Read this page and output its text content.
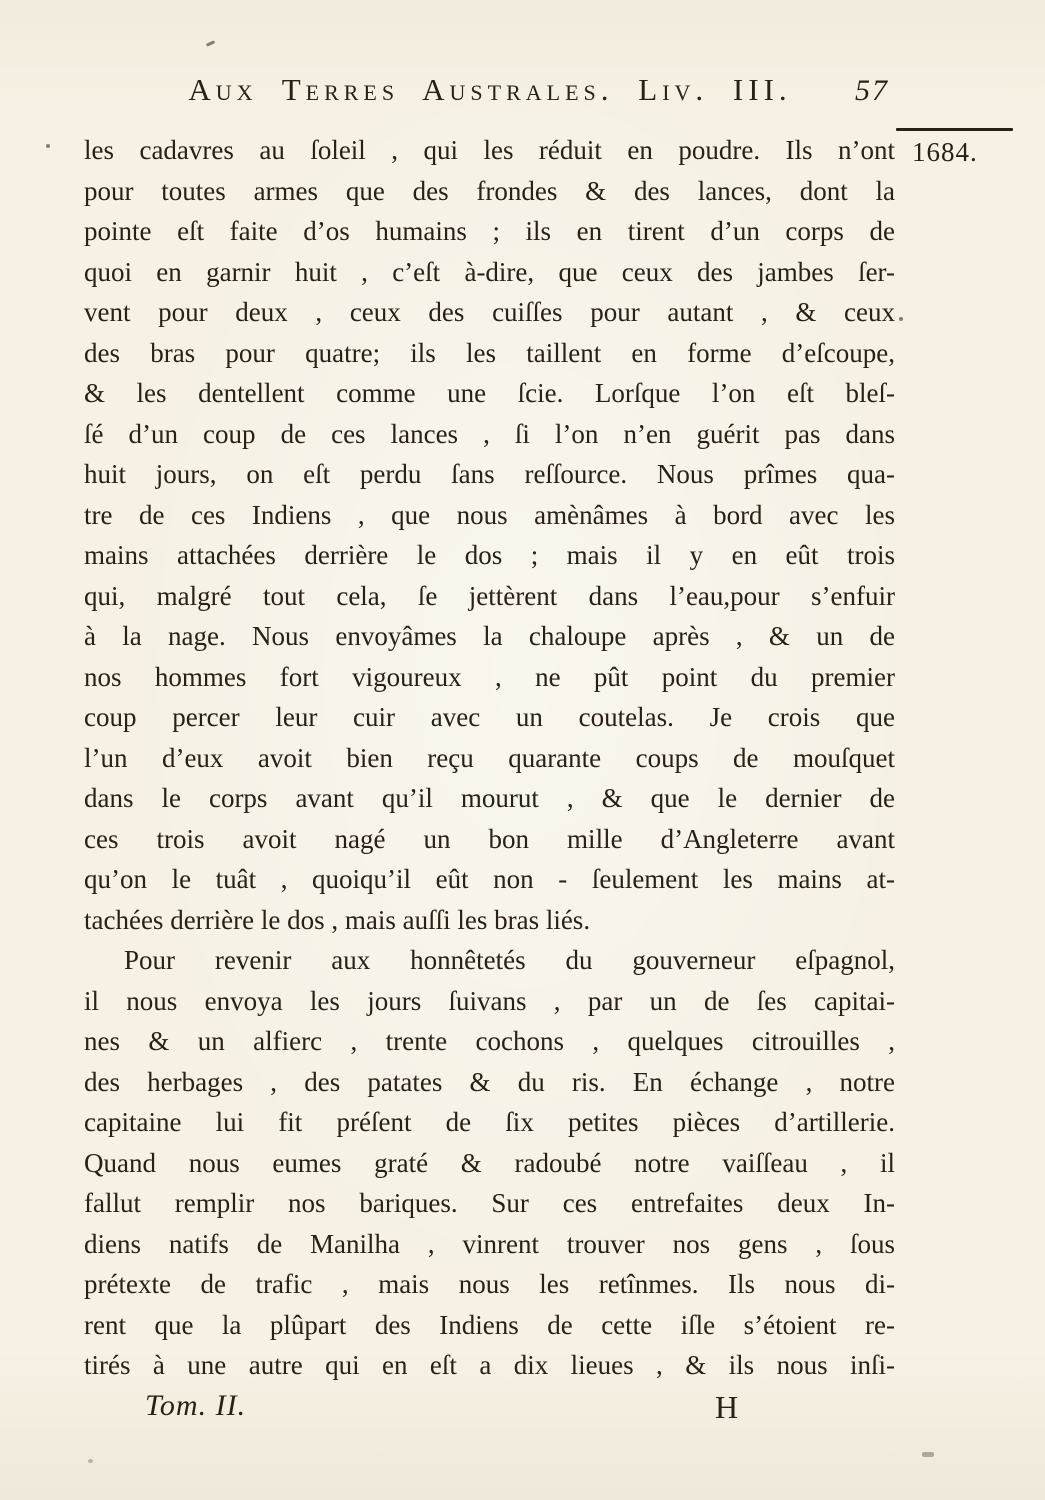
Aux Terres Australes. Liv. III. 57
1684.
les cadavres au ſoleil , qui les réduit en poudre. Ils n’ont
pour toutes armes que des frondes & des lances, dont la
pointe eſt faite d’os humains ; ils en tirent d’un corps de
quoi en garnir huit , c’eſt à-dire, que ceux des jambes ſer-
vent pour deux , ceux des cuiſſes pour autant , & ceux
des bras pour quatre; ils les taillent en forme d’eſcoupe,
& les dentellent comme une ſcie. Lorſque l’on eſt bleſ-
ſé d’un coup de ces lances , ſi l’on n’en guérit pas dans
huit jours, on eſt perdu ſans reſſource. Nous prîmes qua-
tre de ces Indiens , que nous amènâmes à bord avec les
mains attachées derrière le dos ; mais il y en eût trois
qui, malgré tout cela, ſe jettèrent dans l’eau,pour s’enfuir
à la nage. Nous envoyâmes la chaloupe après , & un de
nos hommes fort vigoureux , ne pût point du premier
coup percer leur cuir avec un coutelas. Je crois que
l’un d’eux avoit bien reçu quarante coups de mouſquet
dans le corps avant qu’il mourut , & que le dernier de
ces trois avoit nagé un bon mille d’Angleterre avant
qu’on le tuât , quoiqu’il eût non - ſeulement les mains at-
tachées derrière le dos , mais auſſi les bras liés.
Pour revenir aux honnêtetés du gouverneur eſpagnol,
il nous envoya les jours ſuivans , par un de ſes capitai-
nes & un alfierc , trente cochons , quelques citrouilles ,
des herbages , des patates & du ris. En échange , notre
capitaine lui fit préſent de ſix petites pièces d’artillerie.
Quand nous eumes graté & radoubé notre vaiſſeau , il
fallut remplir nos bariques. Sur ces entrefaites deux In-
diens natifs de Manilha , vinrent trouver nos gens , ſous
prétexte de trafic , mais nous les retînmes. Ils nous di-
rent que la plûpart des Indiens de cette iſle s’étoient re-
tirés à une autre qui en eſt a dix lieues , & ils nous inſi-
Tom. II.	H
